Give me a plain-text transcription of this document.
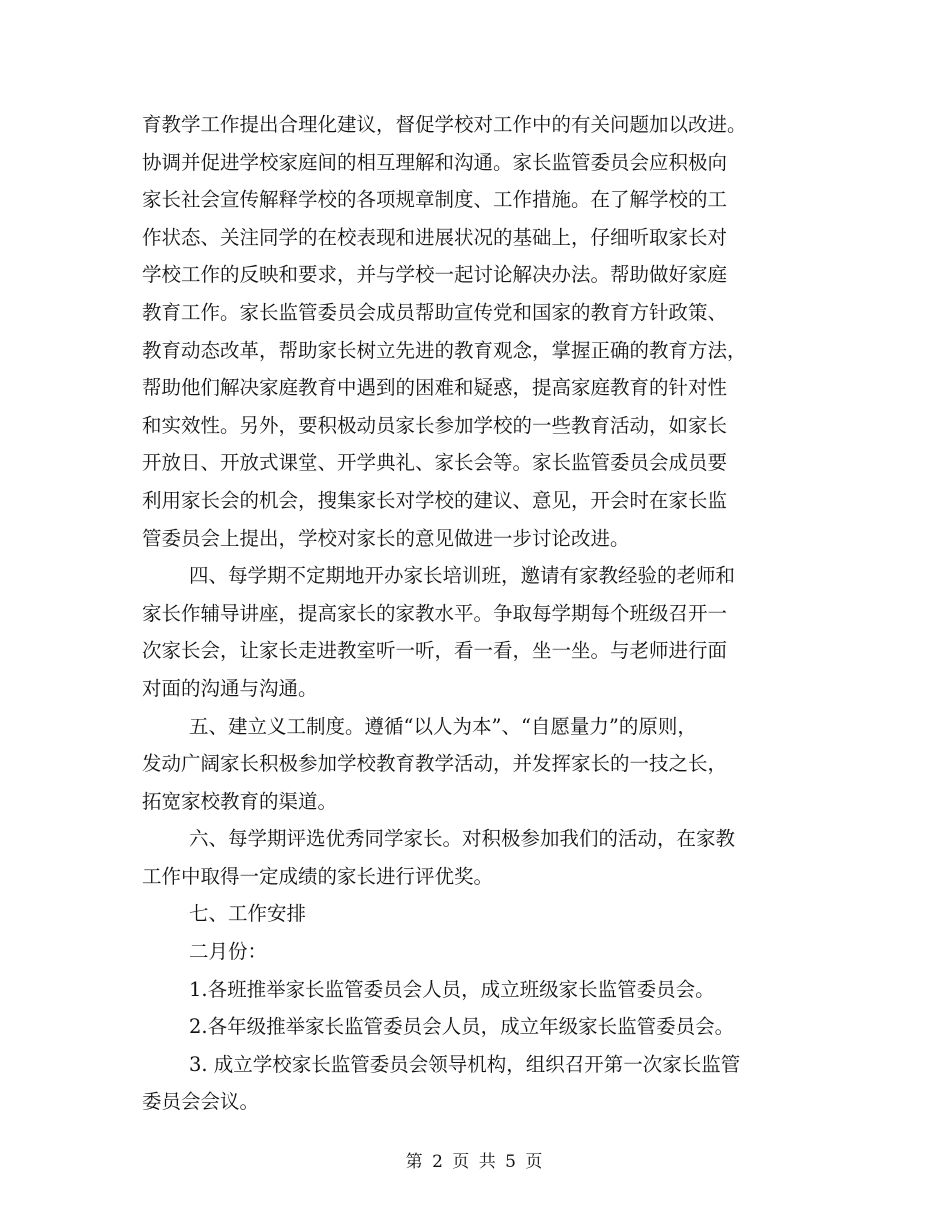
育教学工作提出合理化建议，督促学校对工作中的有关问题加以改进。
协调并促进学校家庭间的相互理解和沟通。家长监管委员会应积极向
家长社会宣传解释学校的各项规章制度、工作措施。在了解学校的工
作状态、关注同学的在校表现和进展状况的基础上，仔细听取家长对
学校工作的反映和要求，并与学校一起讨论解决办法。帮助做好家庭
教育工作。家长监管委员会成员帮助宣传党和国家的教育方针政策、
教育动态改革，帮助家长树立先进的教育观念，掌握正确的教育方法，
帮助他们解决家庭教育中遇到的困难和疑惑，提高家庭教育的针对性
和实效性。另外，要积极动员家长参加学校的一些教育活动，如家长
开放日、开放式课堂、开学典礼、家长会等。家长监管委员会成员要
利用家长会的机会，搜集家长对学校的建议、意见，开会时在家长监
管委员会上提出，学校对家长的意见做进一步讨论改进。
四、每学期不定期地开办家长培训班，邀请有家教经验的老师和
家长作辅导讲座，提高家长的家教水平。争取每学期每个班级召开一
次家长会，让家长走进教室听一听，看一看，坐一坐。与老师进行面
对面的沟通与沟通。
五、建立义工制度。遵循“以人为本”、“自愿量力”的原则，
发动广阔家长积极参加学校教育教学活动，并发挥家长的一技之长，
拓宽家校教育的渠道。
六、每学期评选优秀同学家长。对积极参加我们的活动，在家教
工作中取得一定成绩的家长进行评优奖。
七、工作安排
二月份：
1.各班推举家长监管委员会人员，成立班级家长监管委员会。
2.各年级推举家长监管委员会人员，成立年级家长监管委员会。
3. 成立学校家长监管委员会领导机构，组织召开第一次家长监管
委员会会议。
第 2 页 共 5 页
